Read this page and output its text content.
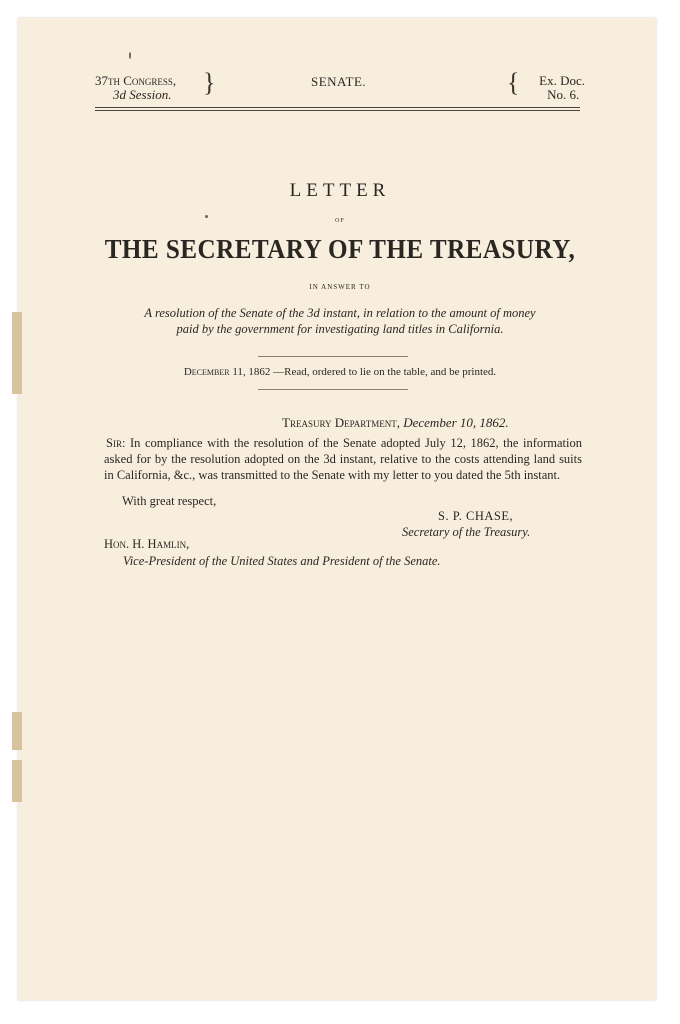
37th Congress,
3d Session. }	SENATE.	{	Ex. Doc.
No. 6.
LETTER
OF
THE SECRETARY OF THE TREASURY,
IN ANSWER TO
A resolution of the Senate of the 3d instant, in relation to the amount of money
paid by the government for investigating land titles in California.
December 11, 1862 —Read, ordered to lie on the table, and be printed.
Treasury Department, December 10, 1862.
Sir: In compliance with the resolution of the Senate adopted July 12, 1862, the information asked for by the resolution adopted on the 3d instant, relative to the costs attending land suits in California, &c., was transmitted to the Senate with my letter to you dated the 5th instant.
With great respect,
S. P. CHASE,
Secretary of the Treasury.
Hon. H. Hamlin,
Vice-President of the United States and President of the Senate.
